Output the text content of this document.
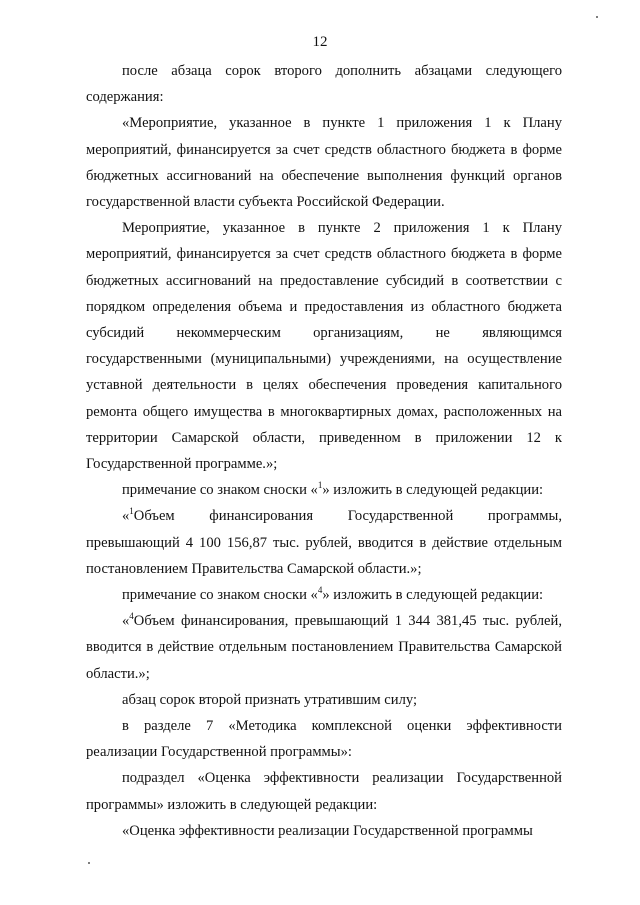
12

после абзаца сорок второго дополнить абзацами следующего содержания:

«Мероприятие, указанное в пункте 1 приложения 1 к Плану мероприятий, финансируется за счет средств областного бюджета в форме бюджетных ассигнований на обеспечение выполнения функций органов государственной власти субъекта Российской Федерации.

Мероприятие, указанное в пункте 2 приложения 1 к Плану мероприятий, финансируется за счет средств областного бюджета в форме бюджетных ассигнований на предоставление субсидий в соответствии с порядком определения объема и предоставления из областного бюджета субсидий некоммерческим организациям, не являющимся государственными (муниципальными) учреждениями, на осуществление уставной деятельности в целях обеспечения проведения капитального ремонта общего имущества в многоквартирных домах, расположенных на территории Самарской области, приведенном в приложении 12 к Государственной программе.»;

примечание со знаком сноски «$^1$» изложить в следующей редакции:

«$^1$Объем финансирования Государственной программы, превышающий 4 100 156,87 тыс. рублей, вводится в действие отдельным постановлением Правительства Самарской области.»;

примечание со знаком сноски «$^4$» изложить в следующей редакции:

«$^4$Объем финансирования, превышающий 1 344 381,45 тыс. рублей, вводится в действие отдельным постановлением Правительства Самарской области.»;

абзац сорок второй признать утратившим силу;

в разделе 7 «Методика комплексной оценки эффективности реализации Государственной программы»:

подраздел «Оценка эффективности реализации Государственной программы» изложить в следующей редакции:

«Оценка эффективности реализации Государственной программы
